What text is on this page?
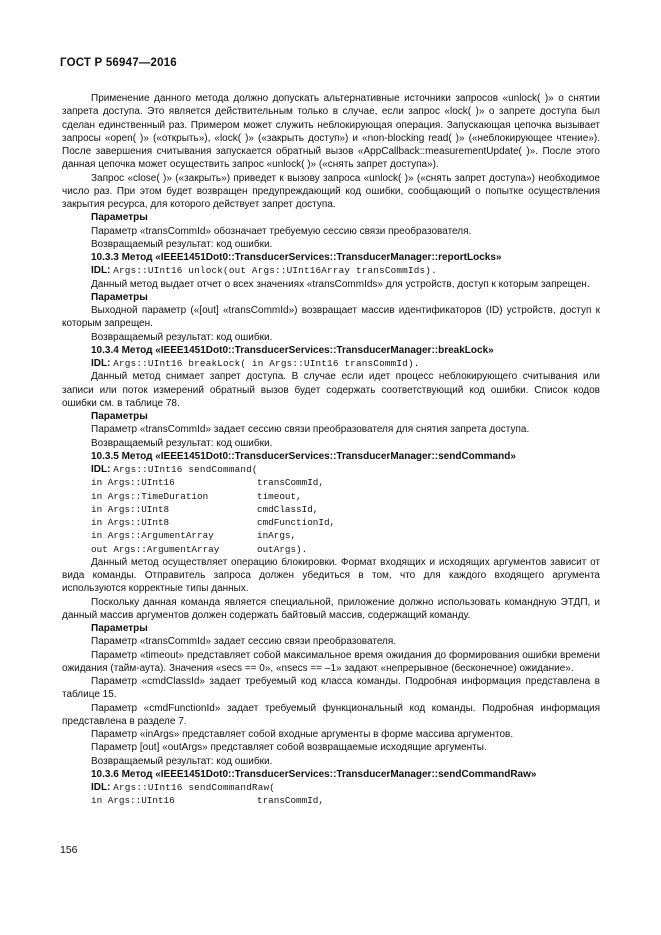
ГОСТ Р 56947—2016

Применение данного метода должно допускать альтернативные источники запросов «unlock( )» о снятии запрета доступа. Это является действительным только в случае, если запрос «lock( )» о запрете доступа был сделан единственный раз. Примером может служить неблокирующая операция. Запускающая цепочка вызывает запросы «open( )» («открыть»), «lock( )» («закрыть доступ») и «non-blocking read( )» («неблокирующее чтение»). После завершения считывания запускается обратный вызов «AppCallback::measurementUpdate( )». После этого данная цепочка может осуществить запрос «unlock( )» («снять запрет доступа»).

Запрос «close( )» («закрыть») приведет к вызову запроса «unlock( )» («снять запрет доступа») необходимое число раз. При этом будет возвращен предупреждающий код ошибки, сообщающий о попытке осуществления закрытия ресурса, для которого действует запрет доступа.

Параметры

Параметр «transCommId» обозначает требуемую сессию связи преобразователя.

Возвращаемый результат: код ошибки.

10.3.3 Метод «IEEE1451Dot0::TransducerServices::TransducerManager::reportLocks»

IDL: Args::UInt16 unlock(out Args::UInt16Array transCommIds).

Данный метод выдает отчет о всех значениях «transCommIds» для устройств, доступ к которым запрещен.

Параметры

Выходной параметр («[out] «transCommId») возвращает массив идентификаторов (ID) устройств, доступ к которым запрещен.

Возвращаемый результат: код ошибки.

10.3.4 Метод «IEEE1451Dot0::TransducerServices::TransducerManager::breakLock»

IDL: Args::UInt16 breakLock( in Args::UInt16 transCommId).

Данный метод снимает запрет доступа. В случае если идет процесс неблокирующего считывания или записи или поток измерений обратный вызов будет содержать соответствующий код ошибки. Список кодов ошибки см. в таблице 78.

Параметры

Параметр «transCommId» задает сессию связи преобразователя для снятия запрета доступа.

Возвращаемый результат: код ошибки.

10.3.5 Метод «IEEE1451Dot0::TransducerServices::TransducerManager::sendCommand»

IDL: Args::UInt16 sendCommand(

in Args::UInt16	transCommId,
in Args::TimeDuration	timeout,
in Args::UInt8	cmdClassId,
in Args::UInt8	cmdFunctionId,
in Args::ArgumentArray	inArgs,
out Args::ArgumentArray	outArgs).

Данный метод осуществляет операцию блокировки. Формат входящих и исходящих аргументов зависит от вида команды. Отправитель запроса должен убедиться в том, что для каждого входящего аргумента используются корректные типы данных.

Поскольку данная команда является специальной, приложение должно использовать командную ЭТДП, и данный массив аргументов должен содержать байтовый массив, содержащий команду.

Параметры

Параметр «transCommId» задает сессию связи преобразователя.

Параметр «timeout» представляет собой максимальное время ожидания до формирования ошибки времени ожидания (тайм-аута). Значения «secs == 0», «nsecs == –1» задают «непрерывное (бесконечное) ожидание».

Параметр «cmdClassId» задает требуемый код класса команды. Подробная информация представлена в таблице 15.

Параметр «cmdFunctionId» задает требуемый функциональный код команды. Подробная информация представлена в разделе 7.

Параметр «inArgs» представляет собой входные аргументы в форме массива аргументов.

Параметр [out] «outArgs» представляет собой возвращаемые исходящие аргументы.

Возвращаемый результат: код ошибки.

10.3.6 Метод «IEEE1451Dot0::TransducerServices::TransducerManager::sendCommandRaw»

IDL: Args::UInt16 sendCommandRaw(

in Args::UInt16	transCommId,
156
